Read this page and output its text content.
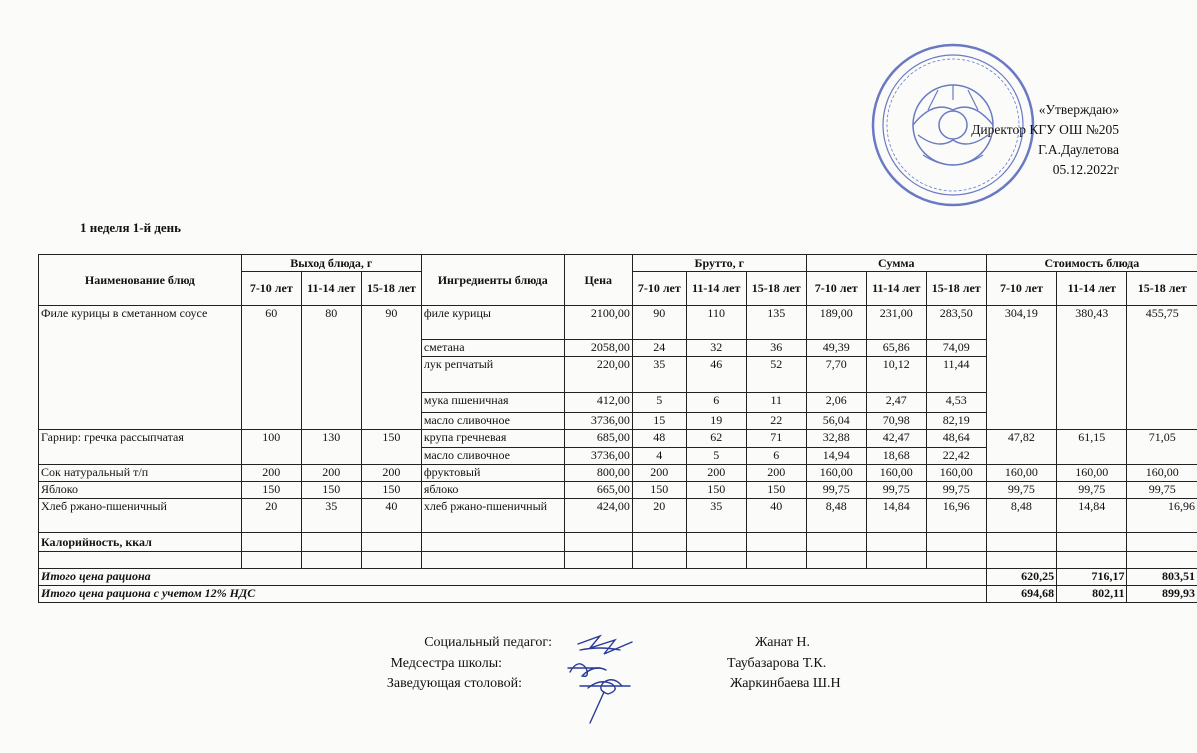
«Утверждаю»
Директор КГУ ОШ №205
Г.А.Даулетова
05.12.2022г
1 неделя 1-й день
Наименование блюд	Выход блюда, г			Ингредиенты блюда	Цена	Брутто, г			Сумма			Стоимость блюда		
	7-10 лет	11-14 лет	15-18 лет			7-10 лет	11-14 лет	15-18 лет	7-10 лет	11-14 лет	15-18 лет	7-10 лет	11-14 лет	15-18 лет
Филе курицы в сметанном соусе	60	80	90	филе курицы	2100,00	90	110	135	189,00	231,00	283,50	304,19	380,43	455,75
				сметана	2058,00	24	32	36	49,39	65,86	74,09			
				лук репчатый	220,00	35	46	52	7,70	10,12	11,44			
				мука пшеничная	412,00	5	6	11	2,06	2,47	4,53			
				масло сливочное	3736,00	15	19	22	56,04	70,98	82,19			
Гарнир: гречка рассыпчатая	100	130	150	крупа гречневая	685,00	48	62	71	32,88	42,47	48,64	47,82	61,15	71,05
				масло сливочное	3736,00	4	5	6	14,94	18,68	22,42			
Сок натуральный т/п	200	200	200	фруктовый	800,00	200	200	200	160,00	160,00	160,00	160,00	160,00	160,00
Яблоко	150	150	150	яблоко	665,00	150	150	150	99,75	99,75	99,75	99,75	99,75	99,75
Хлеб ржано-пшеничный	20	35	40	хлеб ржано-пшеничный	424,00	20	35	40	8,48	14,84	16,96	8,48	14,84	16,96
Калорийность, ккал														

Итого цена рациона												620,25	716,17	803,51
Итого цена рациона с учетом 12% НДС												694,68	802,11	899,93
Социальный педагог:
Медсестра школы:
Заведующая столовой:
Жанат Н.
Таубазарова Т.К.
Жаркинбаева Ш.Н
